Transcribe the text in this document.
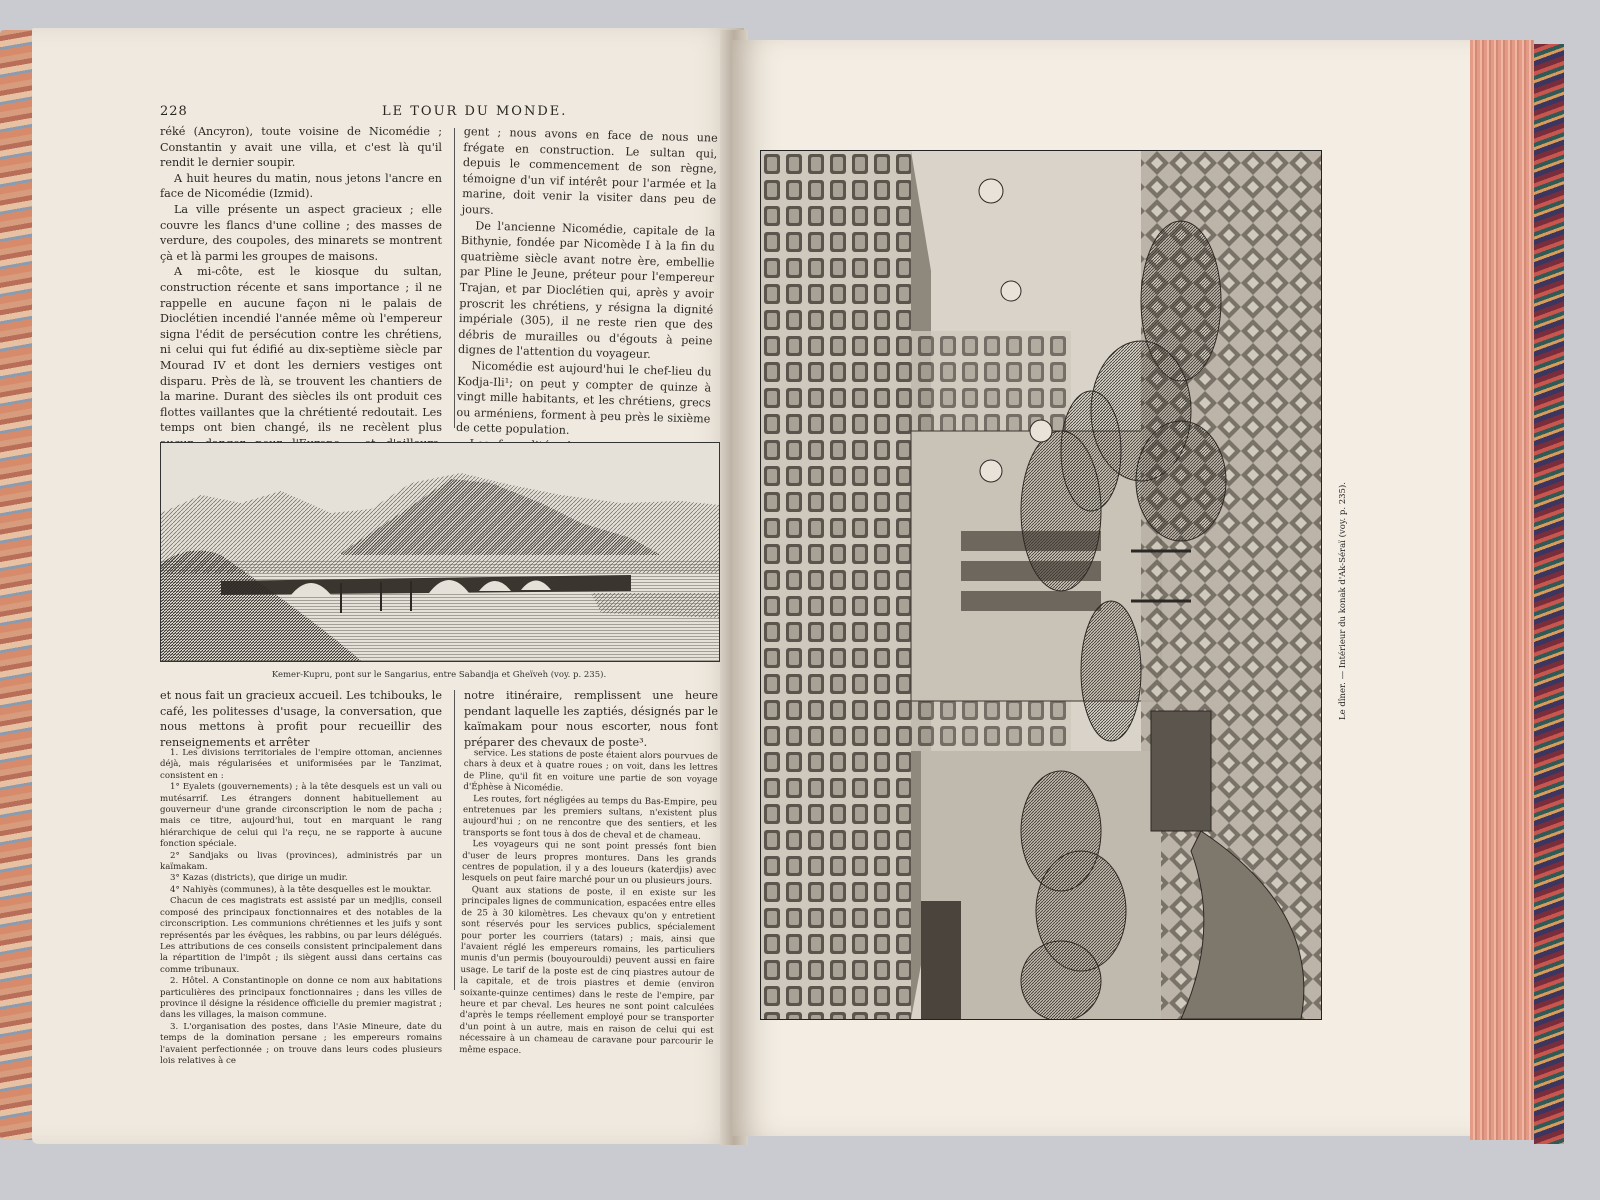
228	LE TOUR DU MONDE.

réké (Ancyron), toute voisine de Nicomédie ; Constantin y avait une villa, et c'est là qu'il rendit le dernier soupir.

A huit heures du matin, nous jetons l'ancre en face de Nicomédie (Izmid).

La ville présente un aspect gracieux ; elle couvre les flancs d'une colline ; des masses de verdure, des coupoles, des minarets se montrent çà et là parmi les groupes de maisons.

A mi-côte, est le kiosque du sultan, construction récente et sans importance ; il ne rappelle en aucune façon ni le palais de Dioclétien incendié l'année même où l'empereur signa l'édit de persécution contre les chrétiens, ni celui qui fut édifié au dix-septième siècle par Mourad IV et dont les derniers vestiges ont disparu. Près de là, se trouvent les chantiers de la marine. Durant des siècles ils ont produit ces flottes vaillantes que la chrétienté redoutait. Les temps ont bien changé, ils ne recèlent plus

gent ; nous avons en face de nous une frégate en construction. Le sultan qui, depuis le commencement de son règne, témoigne d'un vif intérêt pour l'armée et la marine, doit venir la visiter dans peu de jours.

De l'ancienne Nicomédie, capitale de la Bithynie, fondée par Nicomède I à la fin du quatrième siècle avant notre ère, embellie par Pline le Jeune, préteur pour l'empereur Trajan, et par Dioclétien qui, après y avoir proscrit les chrétiens, y résigna la dignité impériale (305), il ne reste rien que des débris de murailles ou d'égouts à peine dignes de l'attention du voyageur.

Nicomédie est aujourd'hui le chef-lieu du Kodja-Ili¹; on peut y compter de quinze à vingt mille habitants, et les chrétiens, grecs ou arméniens, forment à peu près le sixième de cette population.

Kemer-Kupru, pont sur le Sangarius, entre Sabandja et Gheïveh (voy. p. 235).

et nous fait un gracieux accueil. Les tchibouks, le café, les politesses d'usage, la conversation, que nous mettons à profit pour recueillir des renseignements et arrêter

notre itinéraire, remplissent une heure pendant laquelle les zaptiés, désignés par le kaïmakam pour nous escorter, nous font préparer des chevaux de poste³.

1. Les divisions territoriales de l'empire ottoman, anciennes déjà, mais régularisées et uniformisées par le Tanzimat, consistent en :

1° Eyalets (gouvernements) ; à la tête desquels est un vali ou mutésarrif. Les étrangers donnent habituellement au gouverneur d'une grande circonscription le nom de pacha ; mais ce titre, aujourd'hui, tout en marquant le rang hiérarchique de celui qui l'a reçu, ne se rapporte à aucune fonction spéciale.

2° Sandjaks ou livas (provinces), administrés par un kaïmakam.

3° Kazas (districts), que dirige un mudir.

4° Nahiyès (communes), à la tête desquelles est le mouktar.

Chacun de ces magistrats est assisté par un medjlis, conseil composé des principaux fonctionnaires et des notables de la circonscription. Les communions chrétiennes et les juifs y sont représentés par les évêques, les rabbins, ou par leurs délégués. Les attributions de ces conseils consistent principalement dans la répartition de l'impôt ; ils siègent aussi dans certains cas comme tribunaux.

2. Hôtel. A Constantinople on donne ce nom aux habitations particulières des principaux fonctionnaires ; dans les villes de province il désigne la résidence officielle du premier magistrat ; dans les villages, la maison commune.

3. L'organisation des postes, dans l'Asie Mineure, date du temps de la domination persane ; les empereurs romains l'avaient perfectionnée ; on trouve dans leurs codes plusieurs lois relatives à ce

service. Les stations de poste étaient alors pourvues de chars à deux et à quatre roues ; on voit, dans les lettres de Pline, qu'il fit en voiture une partie de son voyage d'Éphèse à Nicomédie.

Les routes, fort négligées au temps du Bas-Empire, peu entretenues par les premiers sultans, n'existent plus aujourd'hui ; on ne rencontre que des sentiers, et les transports se font tous à dos de cheval et de chameau.

Les voyageurs qui ne sont point pressés font bien d'user de leurs propres montures. Dans les grands centres de population, il y a des loueurs (katerdjis) avec lesquels on peut faire marché pour un ou plusieurs jours.

Quant aux stations de poste, il en existe sur les principales lignes de communication, espacées entre elles de 25 à 30 kilomètres. Les chevaux qu'on y entretient sont réservés pour les services publics, spécialement pour porter les courriers (tatars) ; mais, ainsi que l'avaient réglé les empereurs romains, les particuliers munis d'un permis (bouyourouldi) peuvent aussi en faire usage. Le tarif de la poste est de cinq piastres autour de la capitale, et de trois piastres et demie (environ soixante-quinze centimes) dans le reste de l'empire, par heure et par cheval. Les heures ne sont point calculées d'après le temps réellement employé pour se transporter d'un point à un autre, mais en raison de celui qui est nécessaire à un chameau de caravane pour parcourir le même espace.

Le dîner. — Intérieur du konak d'Ak-Séraï (voy. p. 235).
